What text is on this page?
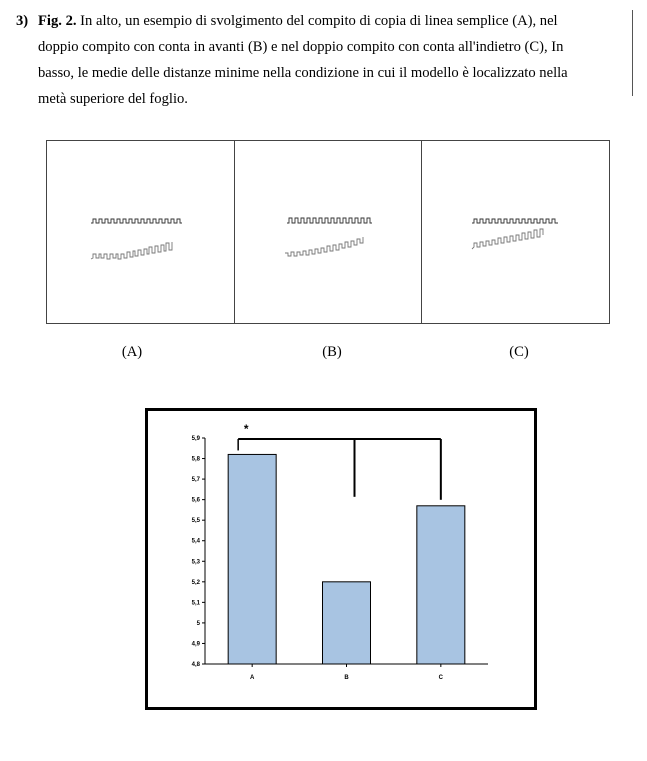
3) Fig. 2. In alto, un esempio di svolgimento del compito di copia di linea semplice (A), nel
doppio compito con conta in avanti (B) e nel doppio compito con conta all'indietro (C), In
basso, le medie delle distanze minime nella condizione in cui il modello è localizzato nella
metà superiore del foglio.
(A)	(B)	(C)
5,9
5,8
5,7
5,6
5,5
5,4
5,3
5,2
5,1
5
4,9
4,8
A	B	C
*
